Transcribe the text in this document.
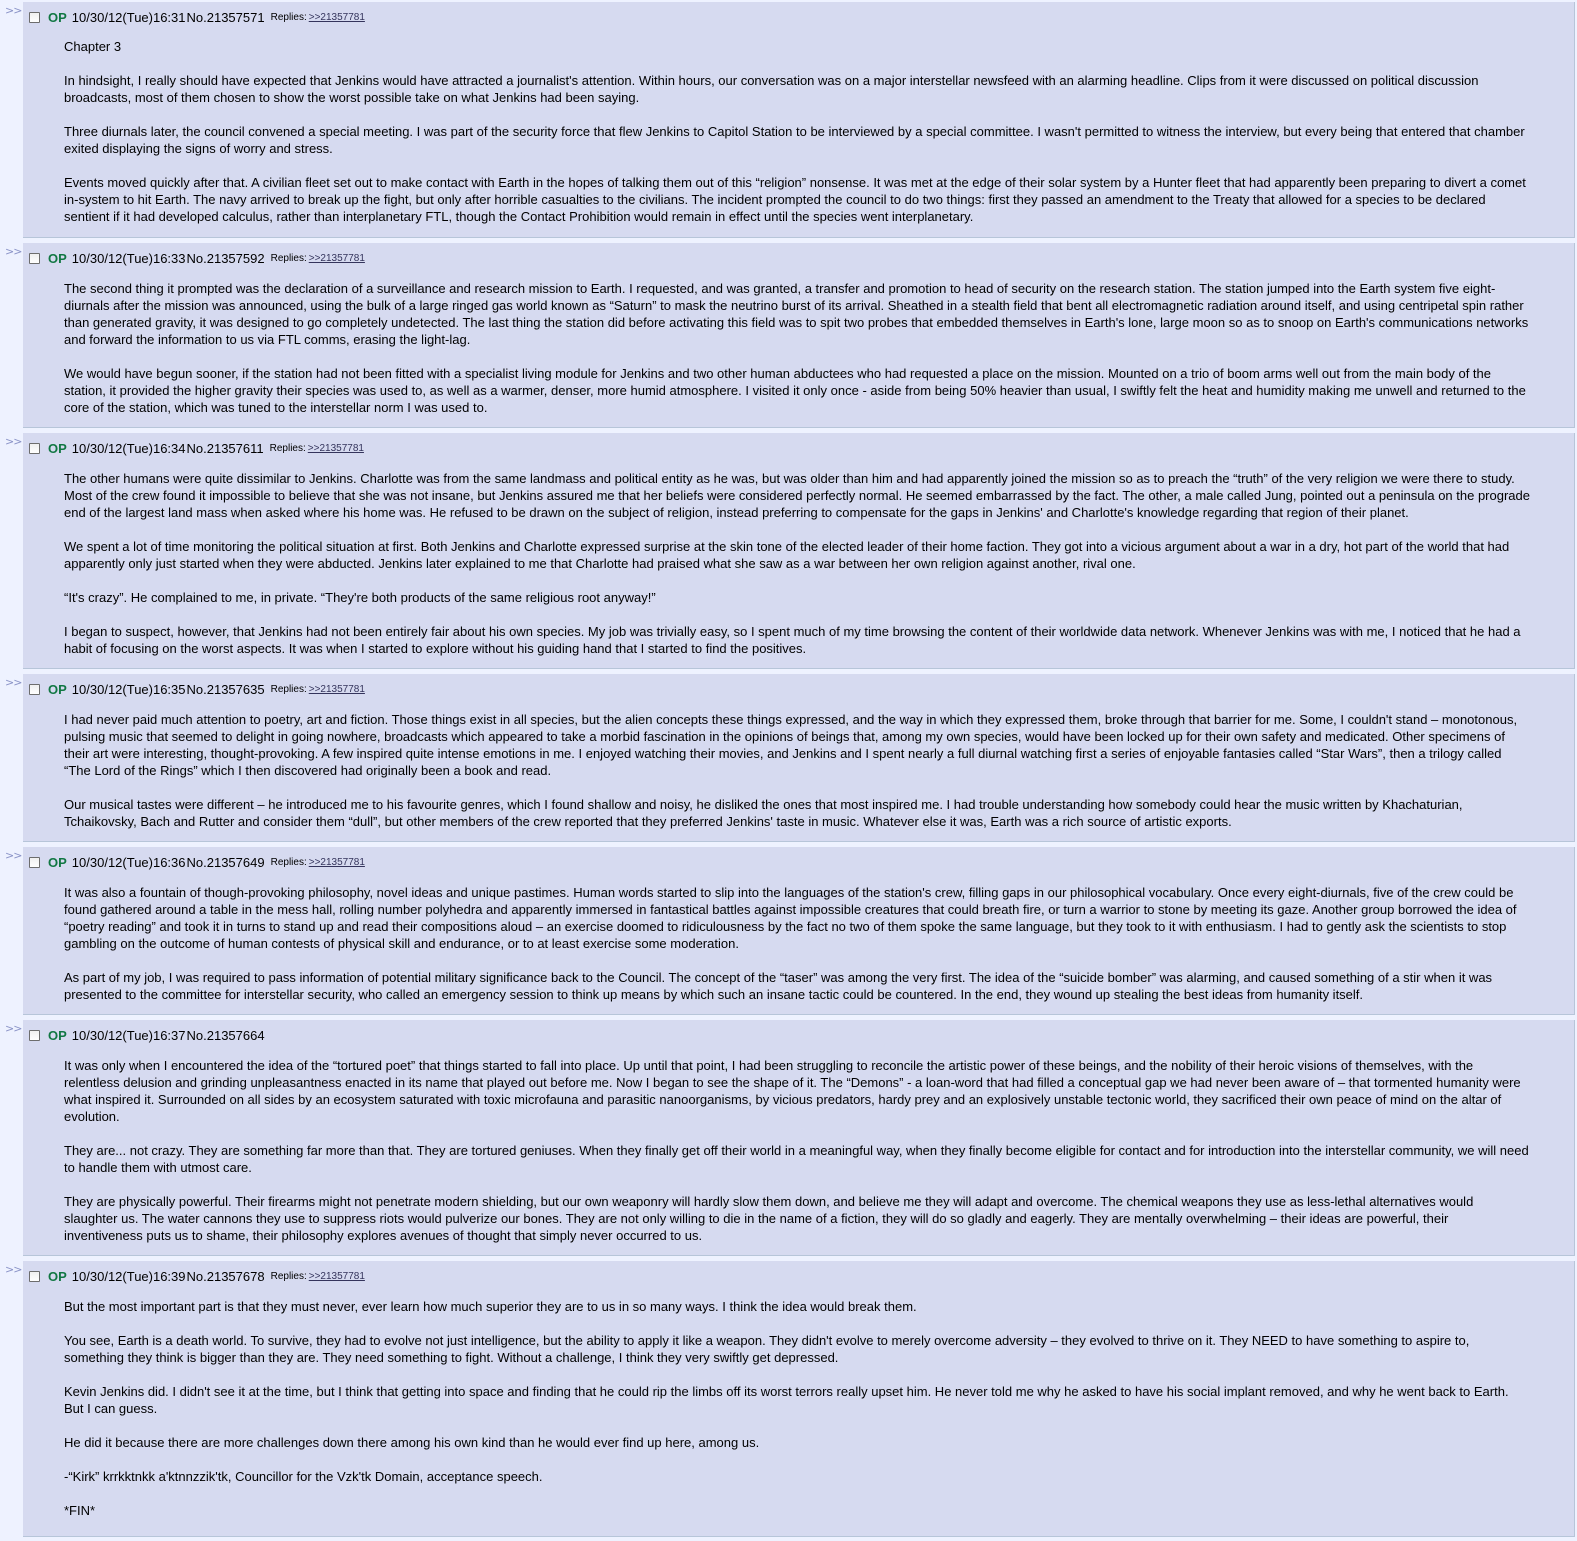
>> OP 10/30/12(Tue)16:31 No.21357571 Replies: >>21357781

Chapter 3

In hindsight, I really should have expected that Jenkins would have attracted a journalist's attention. Within hours, our conversation was on a major interstellar newsfeed with an alarming headline. Clips from it were discussed on political discussion broadcasts, most of them chosen to show the worst possible take on what Jenkins had been saying.

Three diurnals later, the council convened a special meeting. I was part of the security force that flew Jenkins to Capitol Station to be interviewed by a special committee. I wasn't permitted to witness the interview, but every being that entered that chamber exited displaying the signs of worry and stress.

Events moved quickly after that. A civilian fleet set out to make contact with Earth in the hopes of talking them out of this “religion” nonsense. It was met at the edge of their solar system by a Hunter fleet that had apparently been preparing to divert a comet in-system to hit Earth. The navy arrived to break up the fight, but only after horrible casualties to the civilians. The incident prompted the council to do two things: first they passed an amendment to the Treaty that allowed for a species to be declared sentient if it had developed calculus, rather than interplanetary FTL, though the Contact Prohibition would remain in effect until the species went interplanetary.

>> OP 10/30/12(Tue)16:33 No.21357592 Replies: >>21357781

The second thing it prompted was the declaration of a surveillance and research mission to Earth. I requested, and was granted, a transfer and promotion to head of security on the research station. The station jumped into the Earth system five eight-diurnals after the mission was announced, using the bulk of a large ringed gas world known as “Saturn” to mask the neutrino burst of its arrival. Sheathed in a stealth field that bent all electromagnetic radiation around itself, and using centripetal spin rather than generated gravity, it was designed to go completely undetected. The last thing the station did before activating this field was to spit two probes that embedded themselves in Earth's lone, large moon so as to snoop on Earth's communications networks and forward the information to us via FTL comms, erasing the light-lag.

We would have begun sooner, if the station had not been fitted with a specialist living module for Jenkins and two other human abductees who had requested a place on the mission. Mounted on a trio of boom arms well out from the main body of the station, it provided the higher gravity their species was used to, as well as a warmer, denser, more humid atmosphere. I visited it only once - aside from being 50% heavier than usual, I swiftly felt the heat and humidity making me unwell and returned to the core of the station, which was tuned to the interstellar norm I was used to.

>> OP 10/30/12(Tue)16:34 No.21357611 Replies: >>21357781

The other humans were quite dissimilar to Jenkins. Charlotte was from the same landmass and political entity as he was, but was older than him and had apparently joined the mission so as to preach the “truth” of the very religion we were there to study. Most of the crew found it impossible to believe that she was not insane, but Jenkins assured me that her beliefs were considered perfectly normal. He seemed embarrassed by the fact. The other, a male called Jung, pointed out a peninsula on the prograde end of the largest land mass when asked where his home was. He refused to be drawn on the subject of religion, instead preferring to compensate for the gaps in Jenkins' and Charlotte's knowledge regarding that region of their planet.

We spent a lot of time monitoring the political situation at first. Both Jenkins and Charlotte expressed surprise at the skin tone of the elected leader of their home faction. They got into a vicious argument about a war in a dry, hot part of the world that had apparently only just started when they were abducted. Jenkins later explained to me that Charlotte had praised what she saw as a war between her own religion against another, rival one.

“It's crazy”. He complained to me, in private. “They're both products of the same religious root anyway!”

I began to suspect, however, that Jenkins had not been entirely fair about his own species. My job was trivially easy, so I spent much of my time browsing the content of their worldwide data network. Whenever Jenkins was with me, I noticed that he had a habit of focusing on the worst aspects. It was when I started to explore without his guiding hand that I started to find the positives.

>> OP 10/30/12(Tue)16:35 No.21357635 Replies: >>21357781

I had never paid much attention to poetry, art and fiction. Those things exist in all species, but the alien concepts these things expressed, and the way in which they expressed them, broke through that barrier for me. Some, I couldn't stand – monotonous, pulsing music that seemed to delight in going nowhere, broadcasts which appeared to take a morbid fascination in the opinions of beings that, among my own species, would have been locked up for their own safety and medicated. Other specimens of their art were interesting, thought-provoking. A few inspired quite intense emotions in me. I enjoyed watching their movies, and Jenkins and I spent nearly a full diurnal watching first a series of enjoyable fantasies called “Star Wars”, then a trilogy called “The Lord of the Rings” which I then discovered had originally been a book and read.

Our musical tastes were different – he introduced me to his favourite genres, which I found shallow and noisy, he disliked the ones that most inspired me. I had trouble understanding how somebody could hear the music written by Khachaturian, Tchaikovsky, Bach and Rutter and consider them “dull”, but other members of the crew reported that they preferred Jenkins' taste in music. Whatever else it was, Earth was a rich source of artistic exports.

>> OP 10/30/12(Tue)16:36 No.21357649 Replies: >>21357781

It was also a fountain of though-provoking philosophy, novel ideas and unique pastimes. Human words started to slip into the languages of the station's crew, filling gaps in our philosophical vocabulary. Once every eight-diurnals, five of the crew could be found gathered around a table in the mess hall, rolling number polyhedra and apparently immersed in fantastical battles against impossible creatures that could breath fire, or turn a warrior to stone by meeting its gaze. Another group borrowed the idea of “poetry reading” and took it in turns to stand up and read their compositions aloud – an exercise doomed to ridiculousness by the fact no two of them spoke the same language, but they took to it with enthusiasm. I had to gently ask the scientists to stop gambling on the outcome of human contests of physical skill and endurance, or to at least exercise some moderation.

As part of my job, I was required to pass information of potential military significance back to the Council. The concept of the “taser” was among the very first. The idea of the “suicide bomber” was alarming, and caused something of a stir when it was presented to the committee for interstellar security, who called an emergency session to think up means by which such an insane tactic could be countered. In the end, they wound up stealing the best ideas from humanity itself.

>> OP 10/30/12(Tue)16:37 No.21357664

It was only when I encountered the idea of the “tortured poet” that things started to fall into place. Up until that point, I had been struggling to reconcile the artistic power of these beings, and the nobility of their heroic visions of themselves, with the relentless delusion and grinding unpleasantness enacted in its name that played out before me. Now I began to see the shape of it. The “Demons” - a loan-word that had filled a conceptual gap we had never been aware of – that tormented humanity were what inspired it. Surrounded on all sides by an ecosystem saturated with toxic microfauna and parasitic nanoorganisms, by vicious predators, hardy prey and an explosively unstable tectonic world, they sacrificed their own peace of mind on the altar of evolution.

They are... not crazy. They are something far more than that. They are tortured geniuses. When they finally get off their world in a meaningful way, when they finally become eligible for contact and for introduction into the interstellar community, we will need to handle them with utmost care.

They are physically powerful. Their firearms might not penetrate modern shielding, but our own weaponry will hardly slow them down, and believe me they will adapt and overcome. The chemical weapons they use as less-lethal alternatives would slaughter us. The water cannons they use to suppress riots would pulverize our bones. They are not only willing to die in the name of a fiction, they will do so gladly and eagerly. They are mentally overwhelming – their ideas are powerful, their inventiveness puts us to shame, their philosophy explores avenues of thought that simply never occurred to us.

>> OP 10/30/12(Tue)16:39 No.21357678 Replies: >>21357781

But the most important part is that they must never, ever learn how much superior they are to us in so many ways. I think the idea would break them.

You see, Earth is a death world. To survive, they had to evolve not just intelligence, but the ability to apply it like a weapon. They didn't evolve to merely overcome adversity – they evolved to thrive on it. They NEED to have something to aspire to, something they think is bigger than they are. They need something to fight. Without a challenge, I think they very swiftly get depressed.

Kevin Jenkins did. I didn't see it at the time, but I think that getting into space and finding that he could rip the limbs off its worst terrors really upset him. He never told me why he asked to have his social implant removed, and why he went back to Earth. But I can guess.

He did it because there are more challenges down there among his own kind than he would ever find up here, among us.

-“Kirk” krrkktnkk a'ktnnzzik'tk, Councillor for the Vzk'tk Domain, acceptance speech.

*FIN*
